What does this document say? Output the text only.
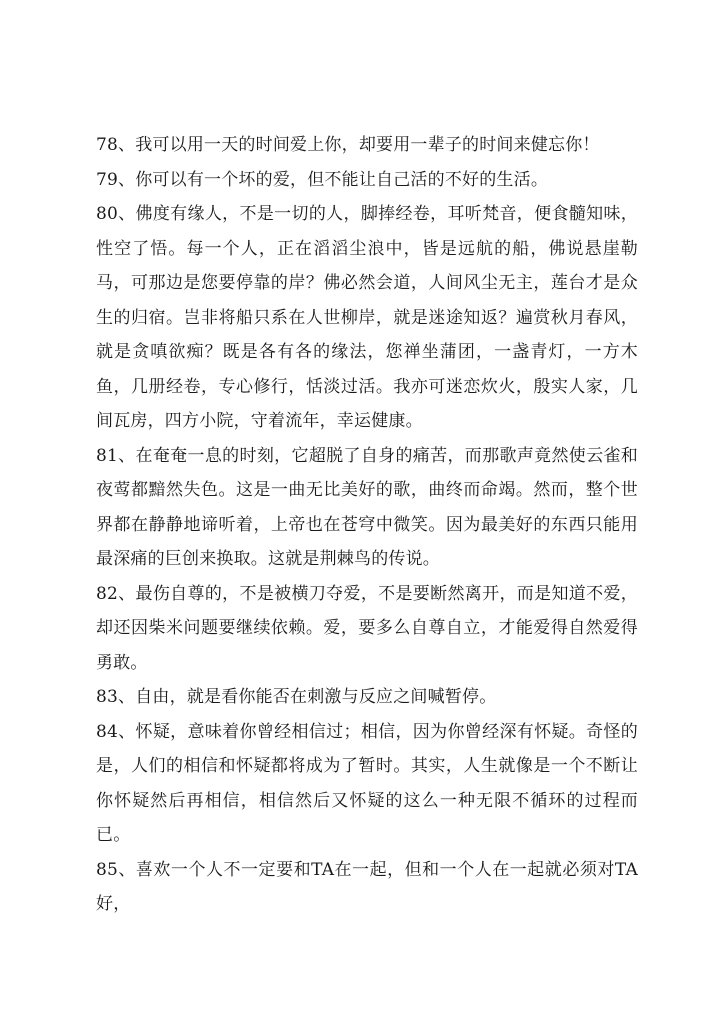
78、我可以用一天的时间爱上你，却要用一辈子的时间来健忘你！

79、你可以有一个坏的爱，但不能让自己活的不好的生活。

80、佛度有缘人，不是一切的人，脚捧经卷，耳听梵音，便食髓知味，性空了悟。每一个人，正在滔滔尘浪中，皆是远航的船，佛说悬崖勒马，可那边是您要停靠的岸？佛必然会道，人间风尘无主，莲台才是众生的归宿。岂非将船只系在人世柳岸，就是迷途知返？遍赏秋月春风，就是贪嗔欲痴？既是各有各的缘法，您禅坐蒲团，一盏青灯，一方木鱼，几册经卷，专心修行，恬淡过活。我亦可迷恋炊火，殷实人家，几间瓦房，四方小院，守着流年，幸运健康。

81、在奄奄一息的时刻，它超脱了自身的痛苦，而那歌声竟然使云雀和夜莺都黯然失色。这是一曲无比美好的歌，曲终而命竭。然而，整个世界都在静静地谛听着，上帝也在苍穹中微笑。因为最美好的东西只能用最深痛的巨创来换取。这就是荆棘鸟的传说。

82、最伤自尊的，不是被横刀夺爱，不是要断然离开，而是知道不爱，却还因柴米问题要继续依赖。爱，要多么自尊自立，才能爱得自然爱得勇敢。

83、自由，就是看你能否在刺激与反应之间喊暂停。

84、怀疑，意味着你曾经相信过；相信，因为你曾经深有怀疑。奇怪的是，人们的相信和怀疑都将成为了暂时。其实，人生就像是一个不断让你怀疑然后再相信，相信然后又怀疑的这么一种无限不循环的过程而已。

85、喜欢一个人不一定要和TA在一起，但和一个人在一起就必须对TA好，
